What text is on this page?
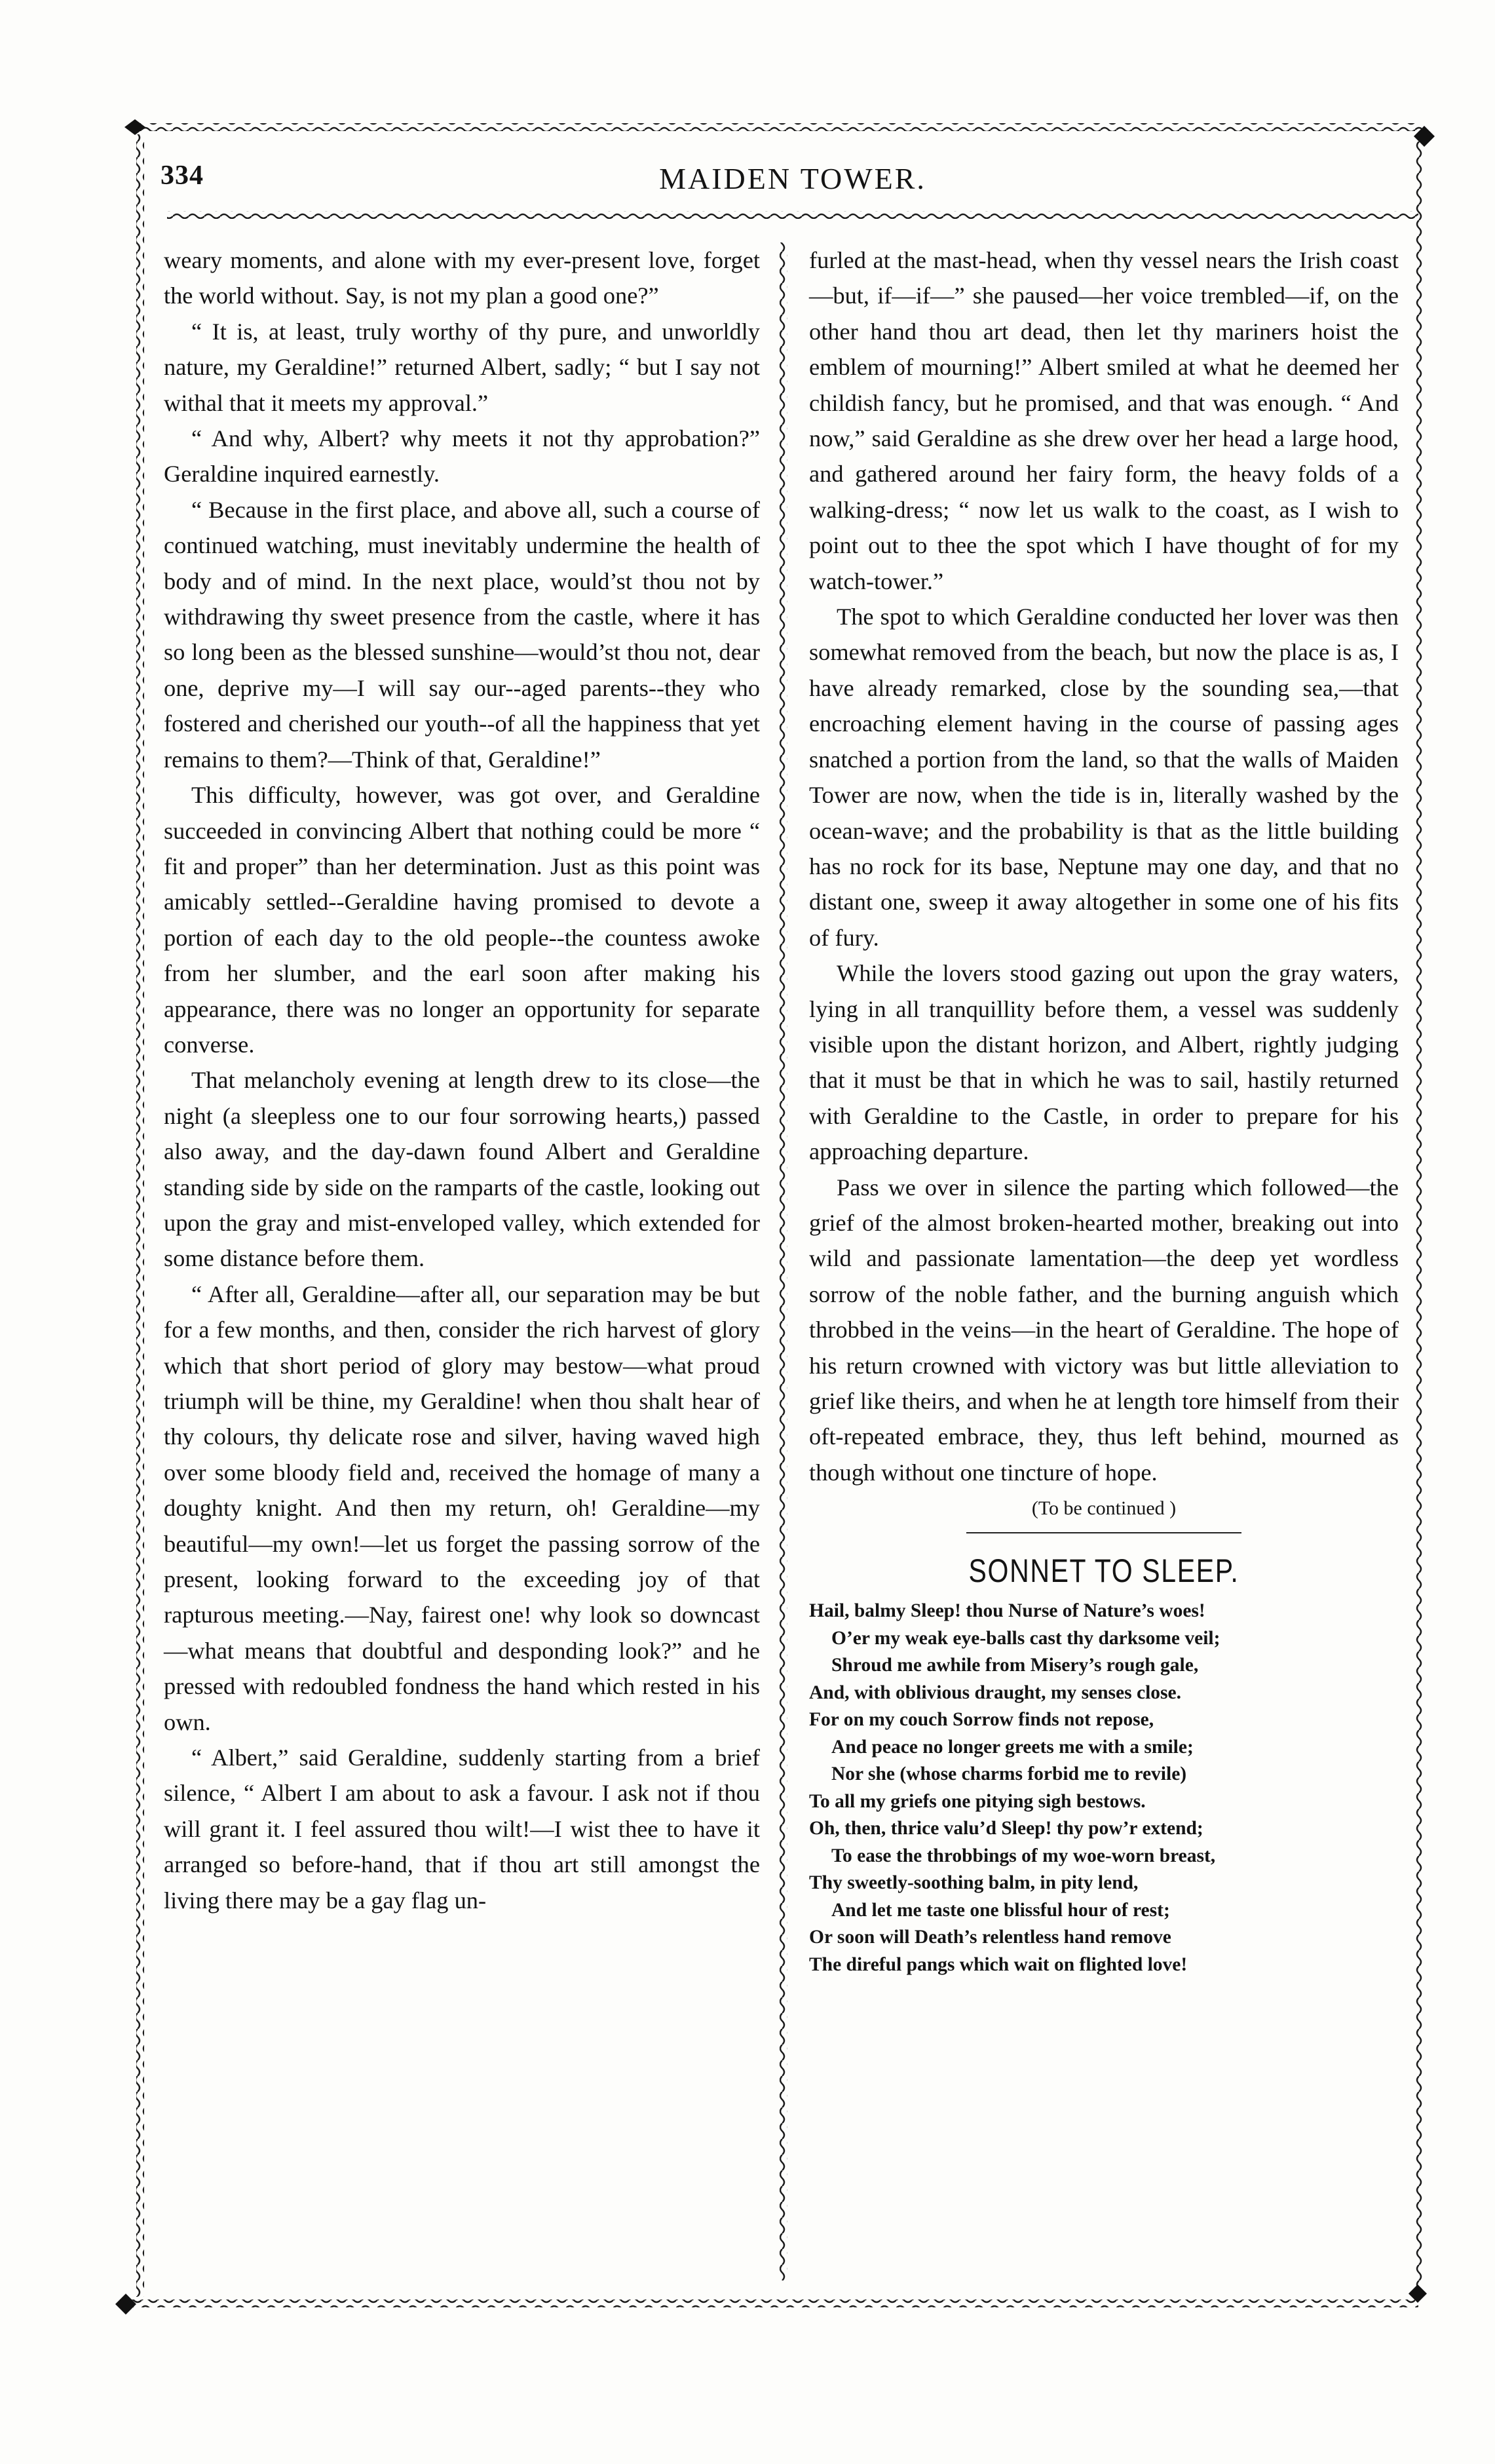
334	MAIDEN TOWER.

weary moments, and alone with my ever-present love, forget the world without. Say, is not my plan a good one?”

“ It is, at least, truly worthy of thy pure, and unworldly nature, my Geraldine!” returned Albert, sadly; “ but I say not withal that it meets my approval.”

“ And why, Albert? why meets it not thy approbation?” Geraldine inquired earnestly.

“ Because in the first place, and above all, such a course of continued watching, must inevitably undermine the health of body and of mind. In the next place, would’st thou not by withdrawing thy sweet presence from the castle, where it has so long been as the blessed sunshine—would’st thou not, dear one, deprive my—I will say our--aged parents--they who fostered and cherished our youth--of all the happiness that yet remains to them?—Think of that, Geraldine!”

This difficulty, however, was got over, and Geraldine succeeded in convincing Albert that nothing could be more “ fit and proper” than her determination. Just as this point was amicably settled--Geraldine having promised to devote a portion of each day to the old people--the countess awoke from her slumber, and the earl soon after making his appearance, there was no longer an opportunity for separate converse.

That melancholy evening at length drew to its close—the night (a sleepless one to our four sorrowing hearts,) passed also away, and the day-dawn found Albert and Geraldine standing side by side on the ramparts of the castle, looking out upon the gray and mist-enveloped valley, which extended for some distance before them.

“ After all, Geraldine—after all, our separation may be but for a few months, and then, consider the rich harvest of glory which that short period of glory may bestow—what proud triumph will be thine, my Geraldine! when thou shalt hear of thy colours, thy delicate rose and silver, having waved high over some bloody field and, received the homage of many a doughty knight. And then my return, oh! Geraldine—my beautiful—my own!—let us forget the passing sorrow of the present, looking forward to the exceeding joy of that rapturous meeting.—Nay, fairest one! why look so downcast—what means that doubtful and desponding look?” and he pressed with redoubled fondness the hand which rested in his own.

“ Albert,” said Geraldine, suddenly starting from a brief silence, “ Albert I am about to ask a favour. I ask not if thou will grant it. I feel assured thou wilt!—I wist thee to have it arranged so before-hand, that if thou art still amongst the living there may be a gay flag un-

furled at the mast-head, when thy vessel nears the Irish coast—but, if—if—” she paused—her voice trembled—if, on the other hand thou art dead, then let thy mariners hoist the emblem of mourning!” Albert smiled at what he deemed her childish fancy, but he promised, and that was enough. “ And now,” said Geraldine as she drew over her head a large hood, and gathered around her fairy form, the heavy folds of a walking-dress; “ now let us walk to the coast, as I wish to point out to thee the spot which I have thought of for my watch-tower.”

The spot to which Geraldine conducted her lover was then somewhat removed from the beach, but now the place is as, I have already remarked, close by the sounding sea,—that encroaching element having in the course of passing ages snatched a portion from the land, so that the walls of Maiden Tower are now, when the tide is in, literally washed by the ocean-wave; and the probability is that as the little building has no rock for its base, Neptune may one day, and that no distant one, sweep it away altogether in some one of his fits of fury.

While the lovers stood gazing out upon the gray waters, lying in all tranquillity before them, a vessel was suddenly visible upon the distant horizon, and Albert, rightly judging that it must be that in which he was to sail, hastily returned with Geraldine to the Castle, in order to prepare for his approaching departure.

Pass we over in silence the parting which followed—the grief of the almost broken-hearted mother, breaking out into wild and passionate lamentation—the deep yet wordless sorrow of the noble father, and the burning anguish which throbbed in the veins—in the heart of Geraldine. The hope of his return crowned with victory was but little alleviation to grief like theirs, and when he at length tore himself from their oft-repeated embrace, they, thus left behind, mourned as though without one tincture of hope.

(To be continued )
SONNET TO SLEEP.
Hail, balmy Sleep! thou Nurse of Nature’s woes!
O’er my weak eye-balls cast thy darksome veil;
Shroud me awhile from Misery’s rough gale,
And, with oblivious draught, my senses close.
For on my couch Sorrow finds not repose,
And peace no longer greets me with a smile;
Nor she (whose charms forbid me to revile)
To all my griefs one pitying sigh bestows.
Oh, then, thrice valu’d Sleep! thy pow’r extend;
To ease the throbbings of my woe-worn breast,
Thy sweetly-soothing balm, in pity lend,
And let me taste one blissful hour of rest;
Or soon will Death’s relentless hand remove
The direful pangs which wait on flighted love!
